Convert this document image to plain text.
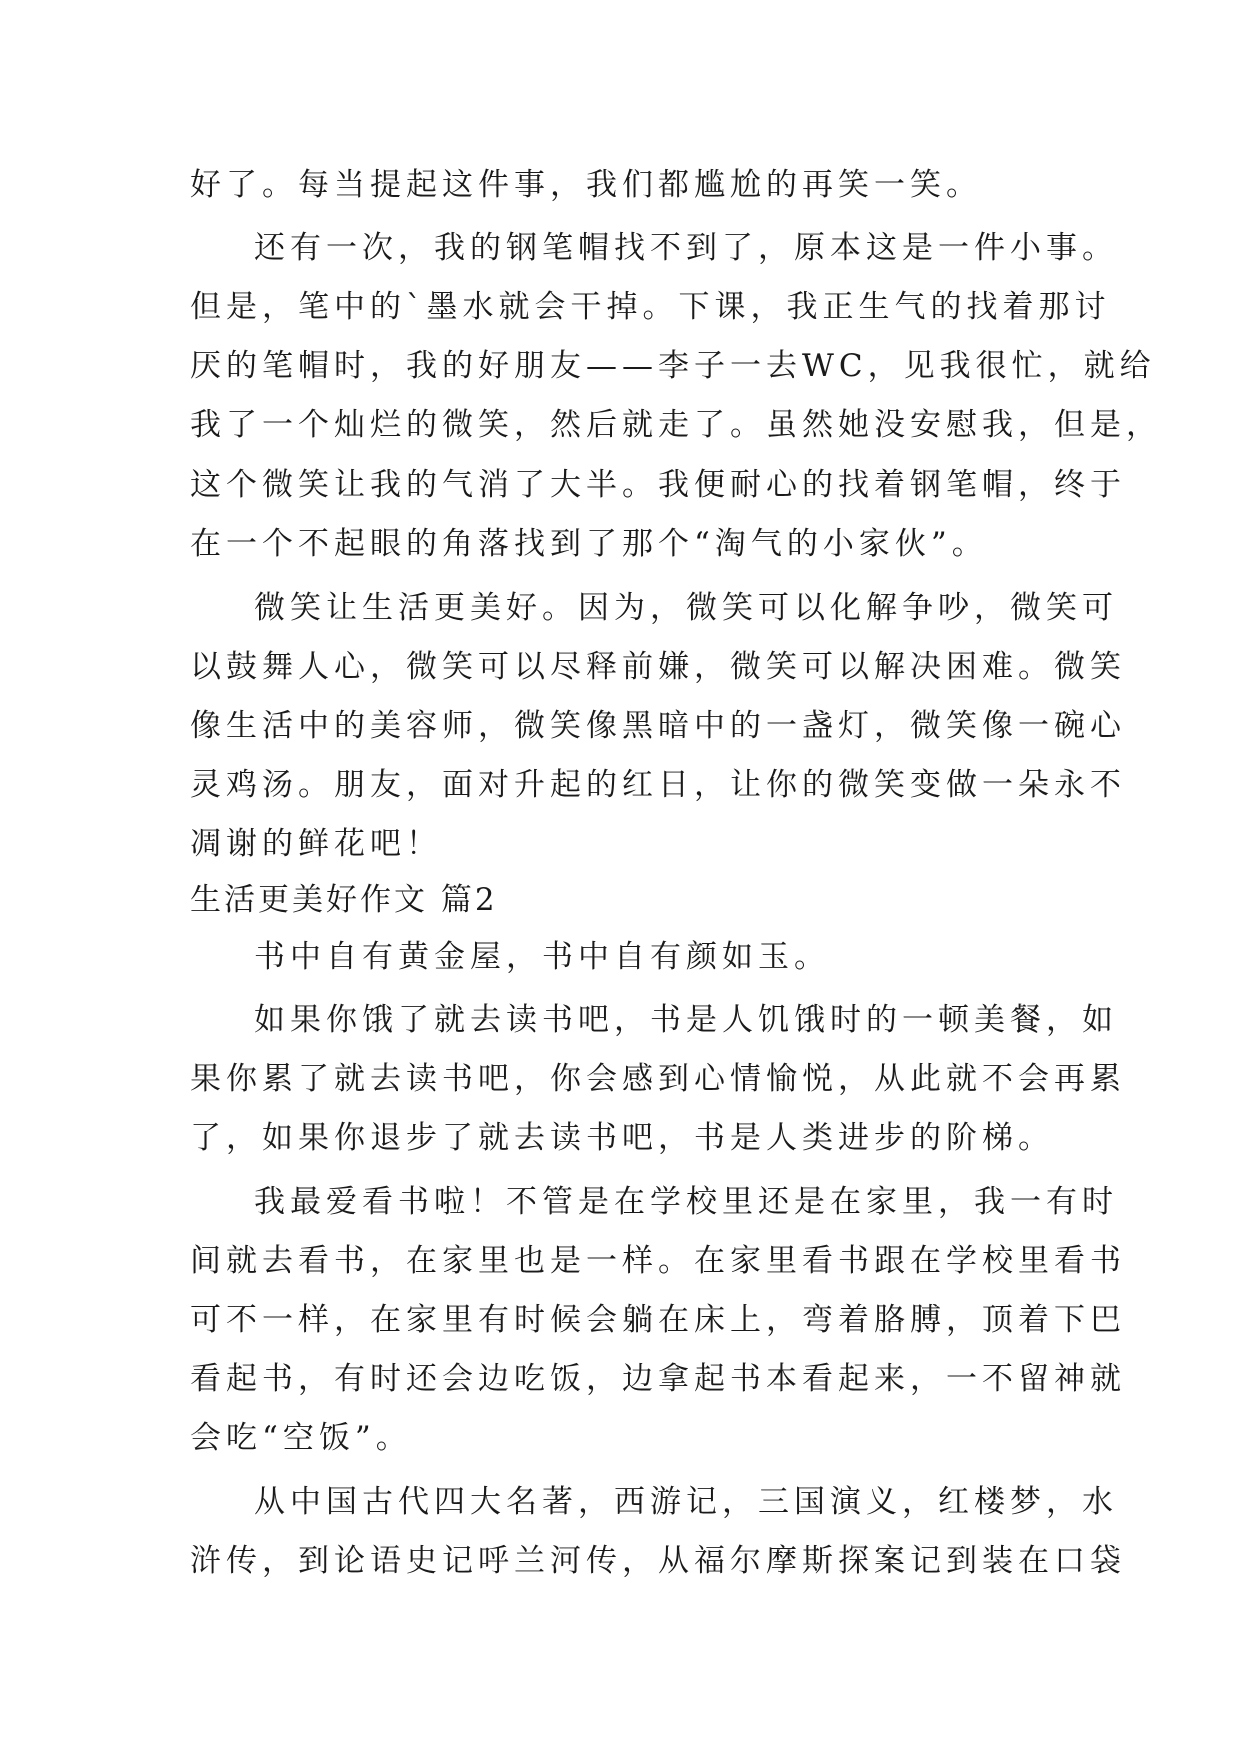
好了。每当提起这件事，我们都尴尬的再笑一笑。
还有一次，我的钢笔帽找不到了，原本这是一件小事。
但是，笔中的`墨水就会干掉。下课，我正生气的找着那讨
厌的笔帽时，我的好朋友——李子一去WC，见我很忙，就给
我了一个灿烂的微笑，然后就走了。虽然她没安慰我，但是，
这个微笑让我的气消了大半。我便耐心的找着钢笔帽，终于
在一个不起眼的角落找到了那个“淘气的小家伙”。
微笑让生活更美好。因为，微笑可以化解争吵，微笑可
以鼓舞人心，微笑可以尽释前嫌，微笑可以解决困难。微笑
像生活中的美容师，微笑像黑暗中的一盏灯，微笑像一碗心
灵鸡汤。朋友，面对升起的红日，让你的微笑变做一朵永不
凋谢的鲜花吧！
生活更美好作文 篇2
书中自有黄金屋，书中自有颜如玉。
如果你饿了就去读书吧，书是人饥饿时的一顿美餐，如
果你累了就去读书吧，你会感到心情愉悦，从此就不会再累
了，如果你退步了就去读书吧，书是人类进步的阶梯。
我最爱看书啦！不管是在学校里还是在家里，我一有时
间就去看书，在家里也是一样。在家里看书跟在学校里看书
可不一样，在家里有时候会躺在床上，弯着胳膊，顶着下巴
看起书，有时还会边吃饭，边拿起书本看起来，一不留神就
会吃“空饭”。
从中国古代四大名著，西游记，三国演义，红楼梦，水
浒传，到论语史记呼兰河传，从福尔摩斯探案记到装在口袋
